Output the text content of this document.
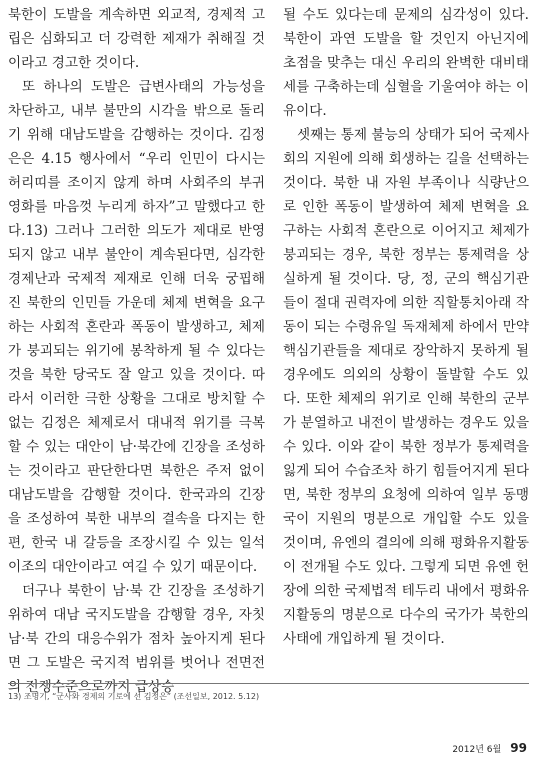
북한이 도발을 계속하면 외교적, 경제적 고립은 심화되고 더 강력한 제재가 취해질 것이라고 경고한 것이다.

또 하나의 도발은 급변사태의 가능성을 차단하고, 내부 불만의 시각을 밖으로 돌리기 위해 대남도발을 감행하는 것이다. 김정은은 4.15 행사에서 “우리 인민이 다시는 허리띠를 조이지 않게 하며 사회주의 부귀영화를 마음껏 누리게 하자”고 말했다고 한다.13) 그러나 그러한 의도가 제대로 반영되지 않고 내부 불안이 계속된다면, 심각한 경제난과 국제적 제재로 인해 더욱 궁핍해진 북한의 인민들 가운데 체제 변혁을 요구하는 사회적 혼란과 폭동이 발생하고, 체제가 붕괴되는 위기에 봉착하게 될 수 있다는 것을 북한 당국도 잘 알고 있을 것이다. 따라서 이러한 극한 상황을 그대로 방치할 수 없는 김정은 체제로서 대내적 위기를 극복할 수 있는 대안이 남·북간에 긴장을 조성하는 것이라고 판단한다면 북한은 주저 없이 대남도발을 감행할 것이다. 한국과의 긴장을 조성하여 북한 내부의 결속을 다지는 한편, 한국 내 갈등을 조장시킬 수 있는 일석이조의 대안이라고 여길 수 있기 때문이다.

더구나 북한이 남·북 간 긴장을 조성하기 위하여 대남 국지도발을 감행할 경우, 자칫 남·북 간의 대응수위가 점차 높아지게 된다면 그 도발은 국지적 범위를 벗어나 전면전의 전쟁수준으로까지 급상승

될 수도 있다는데 문제의 심각성이 있다. 북한이 과연 도발을 할 것인지 아닌지에 초점을 맞추는 대신 우리의 완벽한 대비태세를 구축하는데 심혈을 기울여야 하는 이유이다.

셋째는 통제 불능의 상태가 되어 국제사회의 지원에 의해 회생하는 길을 선택하는 것이다. 북한 내 자원 부족이나 식량난으로 인한 폭동이 발생하여 체제 변혁을 요구하는 사회적 혼란으로 이어지고 체제가 붕괴되는 경우, 북한 정부는 통제력을 상실하게 될 것이다. 당, 정, 군의 핵심기관들이 절대 권력자에 의한 직할통치아래 작동이 되는 수령유일 독재체제 하에서 만약 핵심기관들을 제대로 장악하지 못하게 될 경우에도 의외의 상황이 돌발할 수도 있다. 또한 체제의 위기로 인해 북한의 군부가 분열하고 내전이 발생하는 경우도 있을 수 있다. 이와 같이 북한 정부가 통제력을 잃게 되어 수습조차 하기 힘들어지게 된다면, 북한 정부의 요청에 의하여 일부 동맹국이 지원의 명분으로 개입할 수도 있을 것이며, 유엔의 결의에 의해 평화유지활동이 전개될 수도 있다. 그렇게 되면 유엔 헌장에 의한 국제법적 테두리 내에서 평화유지활동의 명분으로 다수의 국가가 북한의 사태에 개입하게 될 것이다.

13) 조명기, “군사와 경제의 기로에 선 김정은” (조선일보, 2012. 5.12)
2012년 6월 99
